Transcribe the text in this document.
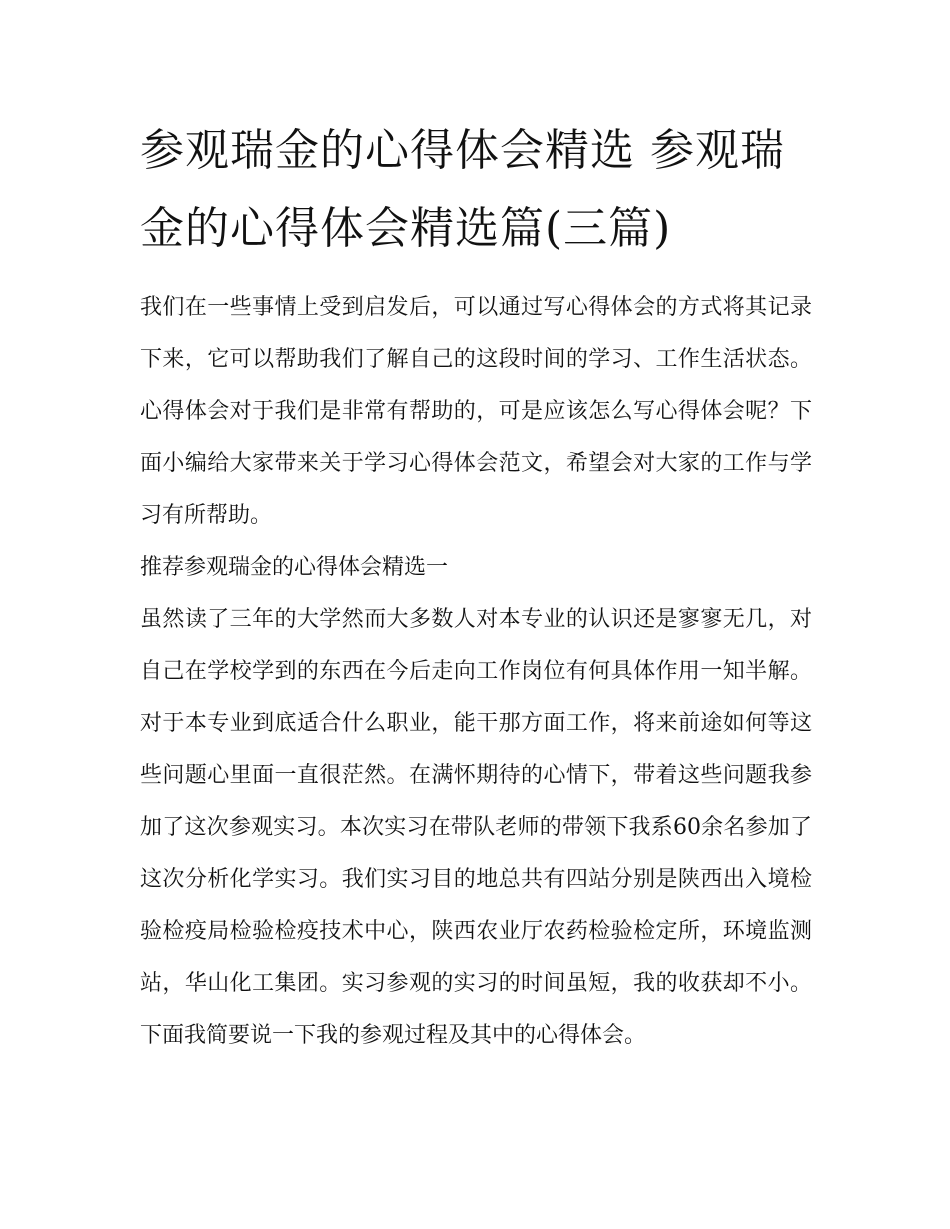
参观瑞金的心得体会精选 参观瑞金的心得体会精选篇(三篇)

我们在一些事情上受到启发后，可以通过写心得体会的方式将其记录下来，它可以帮助我们了解自己的这段时间的学习、工作生活状态。心得体会对于我们是非常有帮助的，可是应该怎么写心得体会呢？下面小编给大家带来关于学习心得体会范文，希望会对大家的工作与学习有所帮助。

推荐参观瑞金的心得体会精选一

虽然读了三年的大学然而大多数人对本专业的认识还是寥寥无几，对自己在学校学到的东西在今后走向工作岗位有何具体作用一知半解。对于本专业到底适合什么职业，能干那方面工作，将来前途如何等这些问题心里面一直很茫然。在满怀期待的心情下，带着这些问题我参加了这次参观实习。本次实习在带队老师的带领下我系60余名参加了这次分析化学实习。我们实习目的地总共有四站分别是陕西出入境检验检疫局检验检疫技术中心，陕西农业厅农药检验检定所，环境监测站，华山化工集团。实习参观的实习的时间虽短，我的收获却不小。下面我简要说一下我的参观过程及其中的心得体会。
